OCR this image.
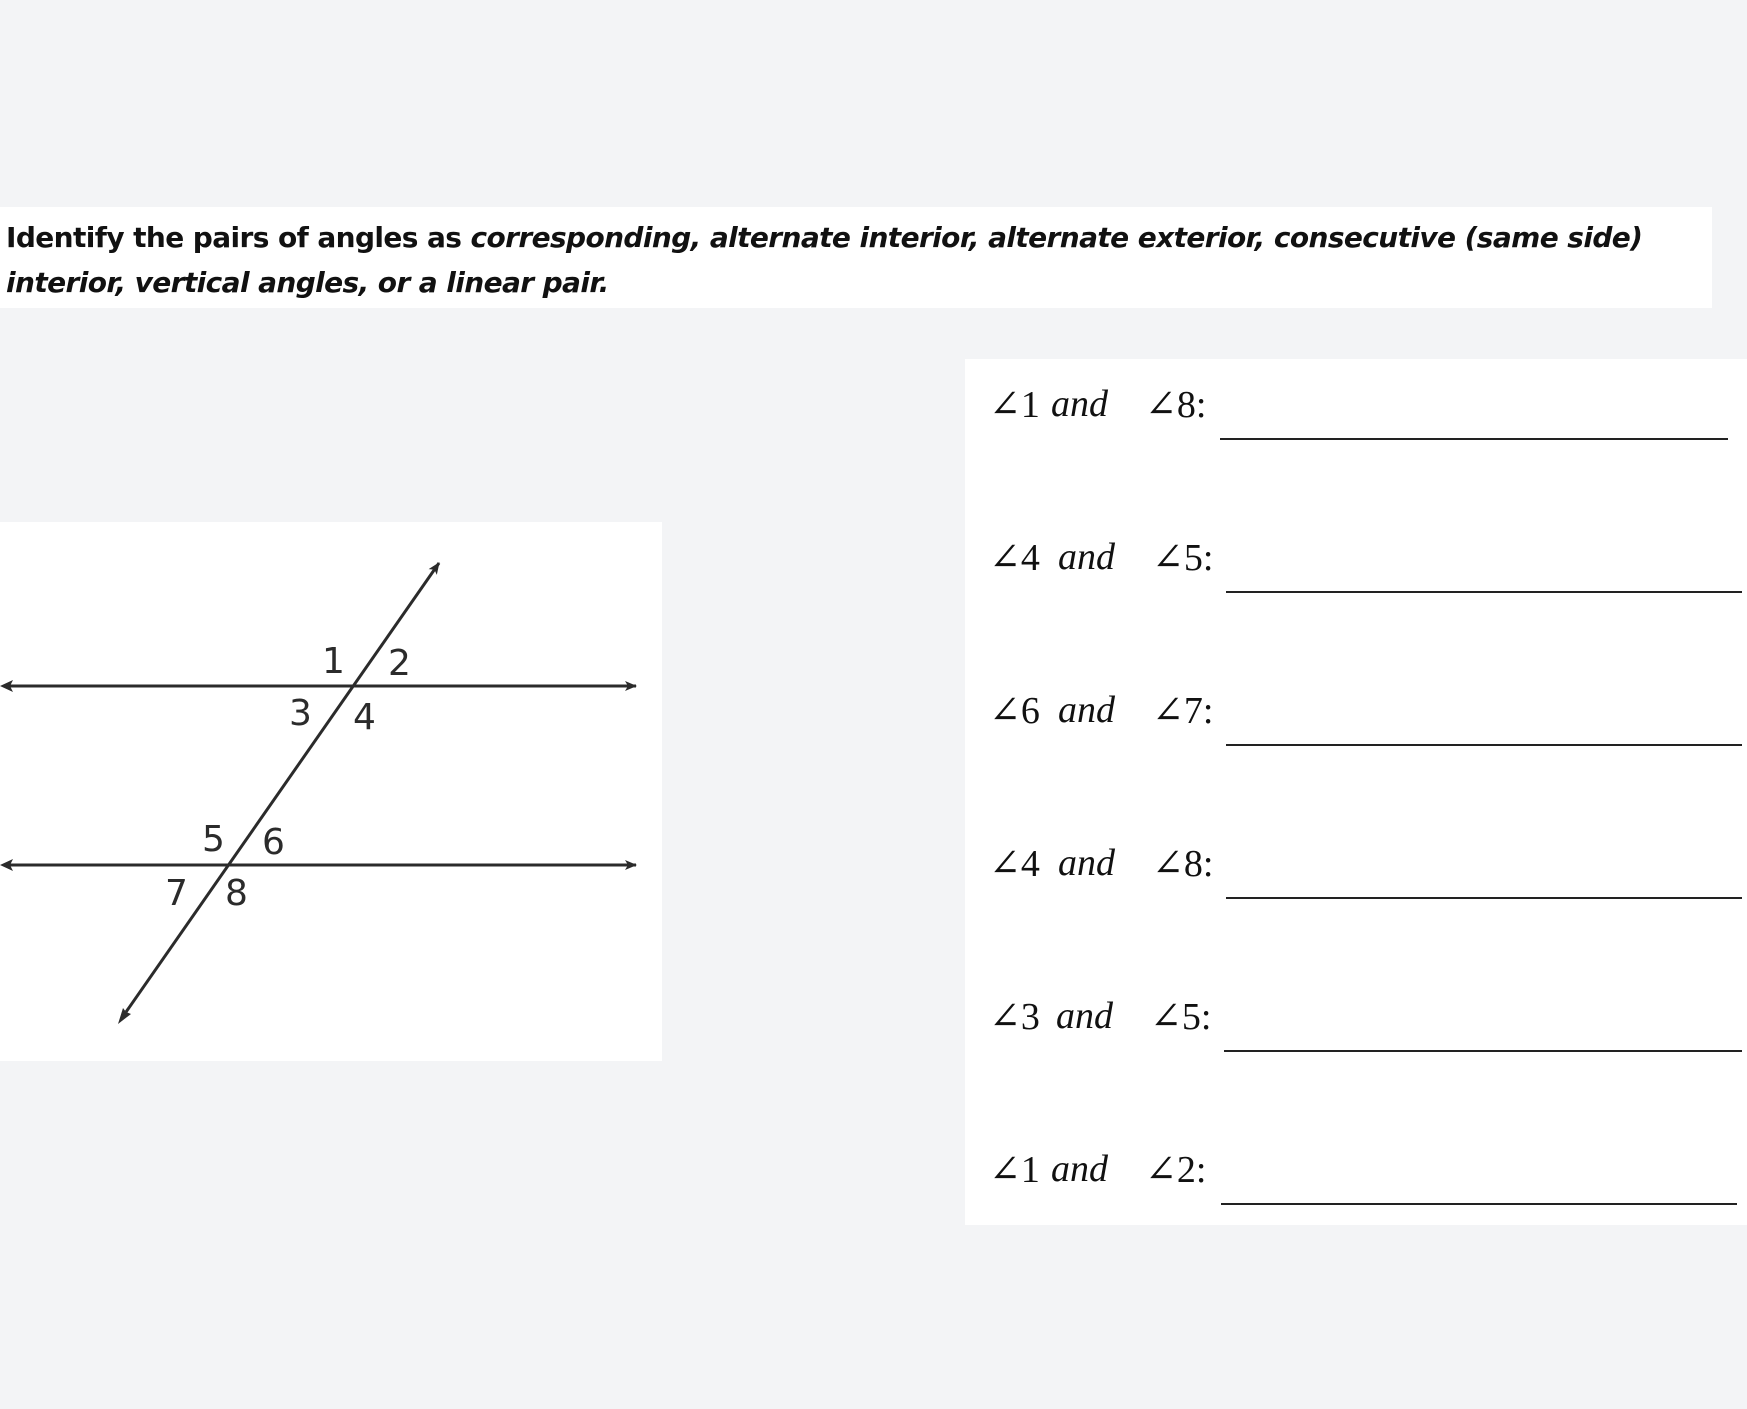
Identify the pairs of angles as corresponding, alternate interior, alternate exterior, consecutive (same side) interior, vertical angles, or a linear pair.
1 2
3 4
5 6
7 8
∠1 and ∠8:
∠4 and ∠5:
∠6 and ∠7:
∠4 and ∠8:
∠3 and ∠5:
∠1 and ∠2:
